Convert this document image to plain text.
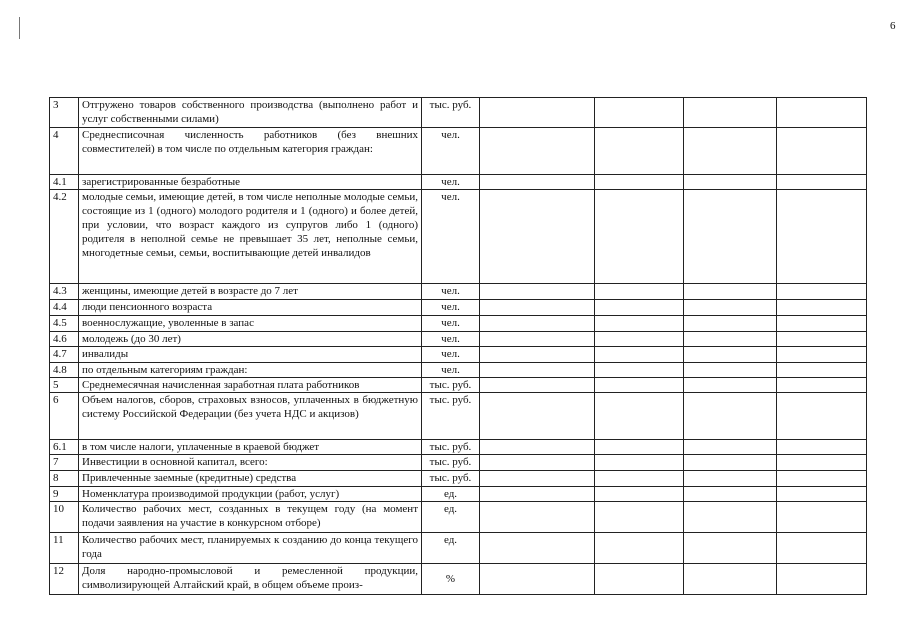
6
3	Отгружено товаров собственного производства (выполнено работ и услуг собственными силами)	тыс. руб.				
4	Среднесписочная численность работников (без внешних совместителей) в том числе по отдельным категория граждан:	чел.				
4.1	зарегистрированные безработные	чел.				
4.2	молодые семьи, имеющие детей, в том числе неполные молодые семьи, состоящие из 1 (одного) молодого родителя и 1 (одного) и более детей, при условии, что возраст каждого из супругов либо 1 (одного) родителя в неполной семье не превышает 35 лет, неполные семьи, многодетные семьи, семьи, воспитывающие детей инвалидов	чел.				
4.3	женщины, имеющие детей в возрасте до 7 лет	чел.				
4.4	люди пенсионного возраста	чел.				
4.5	военнослужащие, уволенные в запас	чел.				
4.6	молодежь (до 30 лет)	чел.				
4.7	инвалиды	чел.				
4.8	по отдельным категориям граждан:	чел.				
5	Среднемесячная начисленная заработная плата работников	тыс. руб.				
6	Объем налогов, сборов, страховых взносов, уплаченных в бюджетную систему Российской Федерации (без учета НДС и акцизов)	тыс. руб.				
6.1	в том числе налоги, уплаченные в краевой бюджет	тыс. руб.				
7	Инвестиции в основной капитал, всего:	тыс. руб.				
8	Привлеченные заемные (кредитные) средства	тыс. руб.				
9	Номенклатура производимой продукции (работ, услуг)	ед.				
10	Количество рабочих мест, созданных в текущем году (на момент подачи заявления на участие в конкурсном отборе)	ед.				
11	Количество рабочих мест, планируемых к созданию до конца текущего года	ед.				
12	Доля народно-промысловой и ремесленной продукции, символизирующей Алтайский край, в общем объеме произ-	%				
